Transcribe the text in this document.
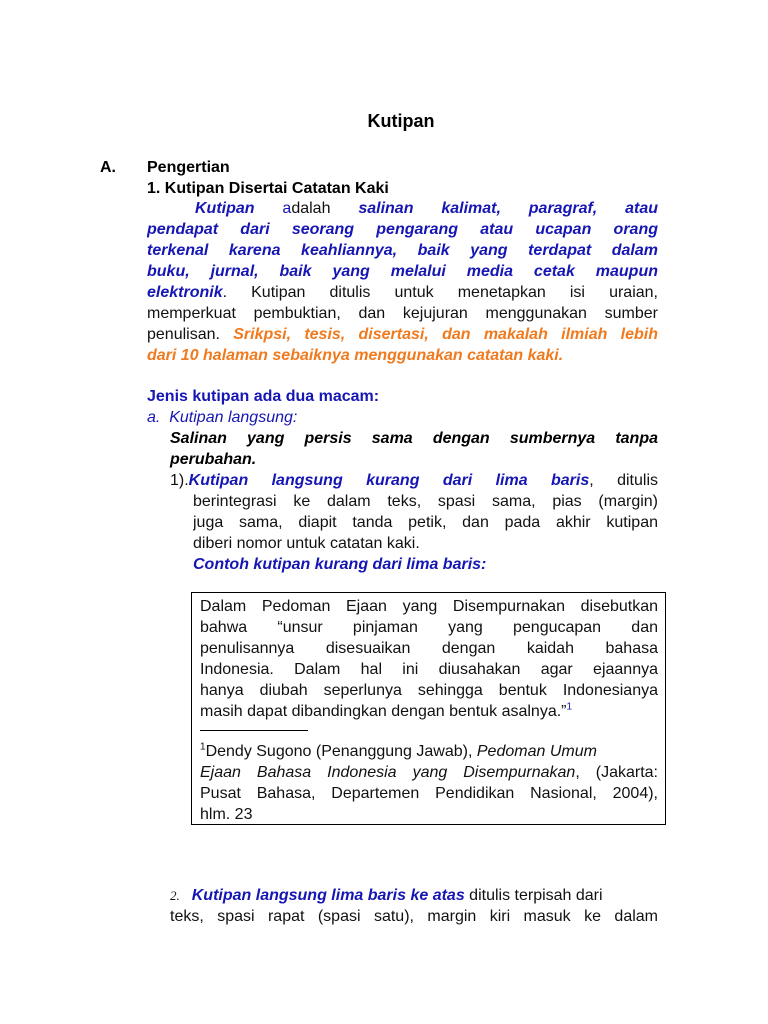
Kutipan
A. Pengertian
1. Kutipan Disertai Catatan Kaki
Kutipan adalah salinan kalimat, paragraf, atau
pendapat dari seorang pengarang atau ucapan orang
terkenal karena keahliannya, baik yang terdapat dalam
buku, jurnal, baik yang melalui media cetak maupun
elektronik. Kutipan ditulis untuk menetapkan isi uraian,
memperkuat pembuktian, dan kejujuran menggunakan sumber
penulisan. Srikpsi, tesis, disertasi, dan makalah ilmiah lebih
dari 10 halaman sebaiknya menggunakan catatan kaki.
Jenis kutipan ada dua macam:
a.  Kutipan langsung:
Salinan yang persis sama dengan sumbernya tanpa
perubahan.
1).Kutipan langsung kurang dari lima baris, ditulis
berintegrasi ke dalam teks, spasi sama, pias (margin)
juga sama, diapit tanda petik, dan pada akhir kutipan
diberi nomor untuk catatan kaki.
Contoh kutipan kurang dari lima baris:
Dalam Pedoman Ejaan yang Disempurnakan disebutkan
bahwa “unsur pinjaman yang pengucapan dan
penulisannya disesuaikan dengan kaidah bahasa
Indonesia. Dalam hal ini diusahakan agar ejaannya
hanya diubah seperlunya sehingga bentuk Indonesianya
masih dapat dibandingkan dengan bentuk asalnya.”$^1$
$^1$Dendy Sugono (Penanggung Jawab), Pedoman Umum
Ejaan Bahasa Indonesia yang Disempurnakan, (Jakarta:
Pusat Bahasa, Departemen Pendidikan Nasional, 2004),
hlm. 23
2. Kutipan langsung lima baris ke atas ditulis terpisah dari
teks, spasi rapat (spasi satu), margin kiri masuk ke dalam
